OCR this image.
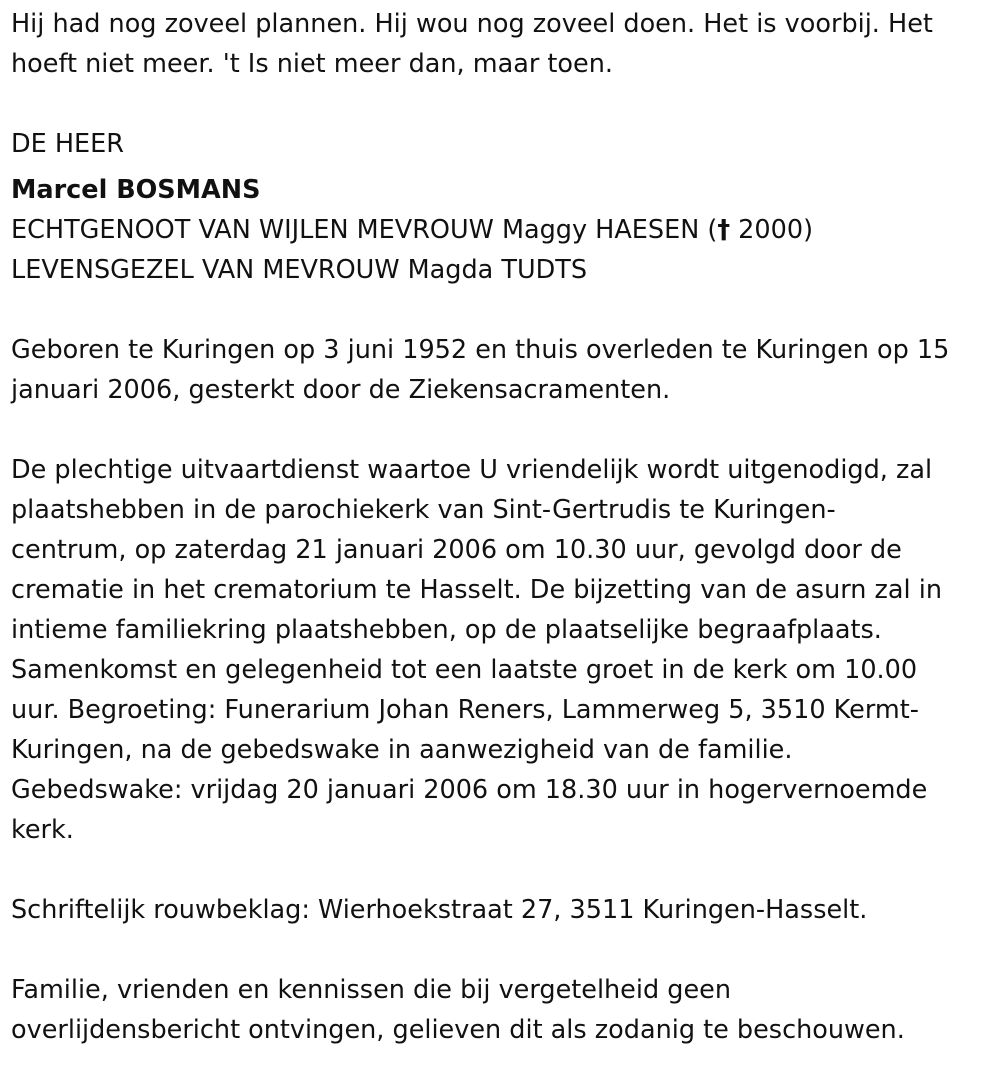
Hij had nog zoveel plannen. Hij wou nog zoveel doen. Het is voorbij. Het
hoeft niet meer. 't Is niet meer dan, maar toen.

DE HEER

Marcel BOSMANS

ECHTGENOOT VAN WIJLEN MEVROUW Maggy HAESEN († 2000)

LEVENSGEZEL VAN MEVROUW Magda TUDTS

Geboren te Kuringen op 3 juni 1952 en thuis overleden te Kuringen op 15
januari 2006, gesterkt door de Ziekensacramenten.

De plechtige uitvaartdienst waartoe U vriendelijk wordt uitgenodigd, zal
plaatshebben in de parochiekerk van Sint-Gertrudis te Kuringen-
centrum, op zaterdag 21 januari 2006 om 10.30 uur, gevolgd door de
crematie in het crematorium te Hasselt. De bijzetting van de asurn zal in
intieme familiekring plaatshebben, op de plaatselijke begraafplaats.
Samenkomst en gelegenheid tot een laatste groet in de kerk om 10.00
uur. Begroeting: Funerarium Johan Reners, Lammerweg 5, 3510 Kermt-
Kuringen, na de gebedswake in aanwezigheid van de familie.
Gebedswake: vrijdag 20 januari 2006 om 18.30 uur in hogervernoemde
kerk.

Schriftelijk rouwbeklag: Wierhoekstraat 27, 3511 Kuringen-Hasselt.

Familie, vrienden en kennissen die bij vergetelheid geen
overlijdensbericht ontvingen, gelieven dit als zodanig te beschouwen.
